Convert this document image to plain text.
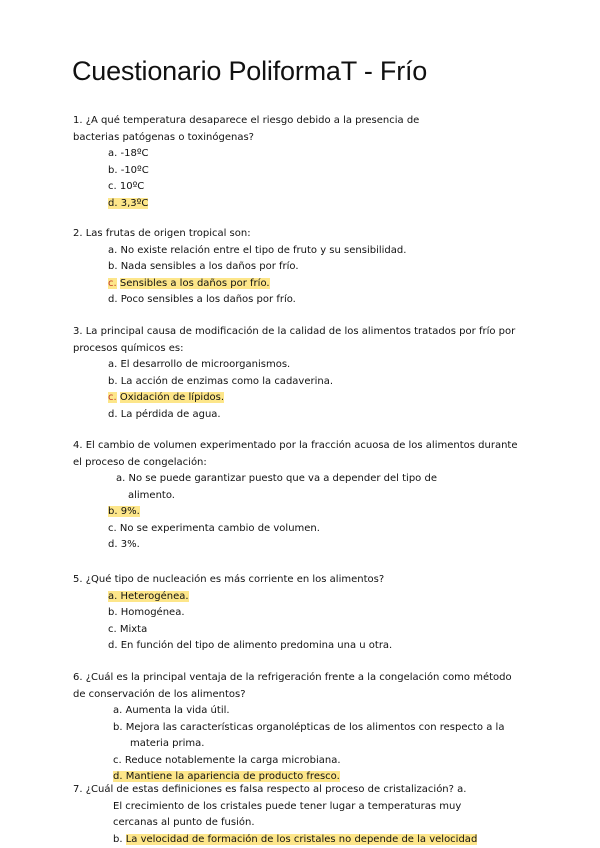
Cuestionario PoliformaT - Frío

1. ¿A qué temperatura desaparece el riesgo debido a la presencia de

bacterias patógenas o toxinógenas?

a. -18ºC

b. -10ºC

c. 10ºC

d. 3,3ºC

2. Las frutas de origen tropical son:

a. No existe relación entre el tipo de fruto y su sensibilidad.

b. Nada sensibles a los daños por frío.

c. Sensibles a los daños por frío.

d. Poco sensibles a los daños por frío.

3. La principal causa de modificación de la calidad de los alimentos tratados por frío por

procesos químicos es:

a. El desarrollo de microorganismos.

b. La acción de enzimas como la cadaverina.

c. Oxidación de lípidos.

d. La pérdida de agua.

4. El cambio de volumen experimentado por la fracción acuosa de los alimentos durante

el proceso de congelación:

a. No se puede garantizar puesto que va a depender del tipo de

alimento.

b. 9%.

c. No se experimenta cambio de volumen.

d. 3%.

5. ¿Qué tipo de nucleación es más corriente en los alimentos?

a. Heterogénea.

b. Homogénea.

c. Mixta

d. En función del tipo de alimento predomina una u otra.

6. ¿Cuál es la principal ventaja de la refrigeración frente a la congelación como método

de conservación de los alimentos?

a. Aumenta la vida útil.

b. Mejora las características organolépticas de los alimentos con respecto a la

materia prima.

c. Reduce notablemente la carga microbiana.

d. Mantiene la apariencia de producto fresco.

7. ¿Cuál de estas definiciones es falsa respecto al proceso de cristalización? a.

El crecimiento de los cristales puede tener lugar a temperaturas muy

cercanas al punto de fusión.

b. La velocidad de formación de los cristales no depende de la velocidad
